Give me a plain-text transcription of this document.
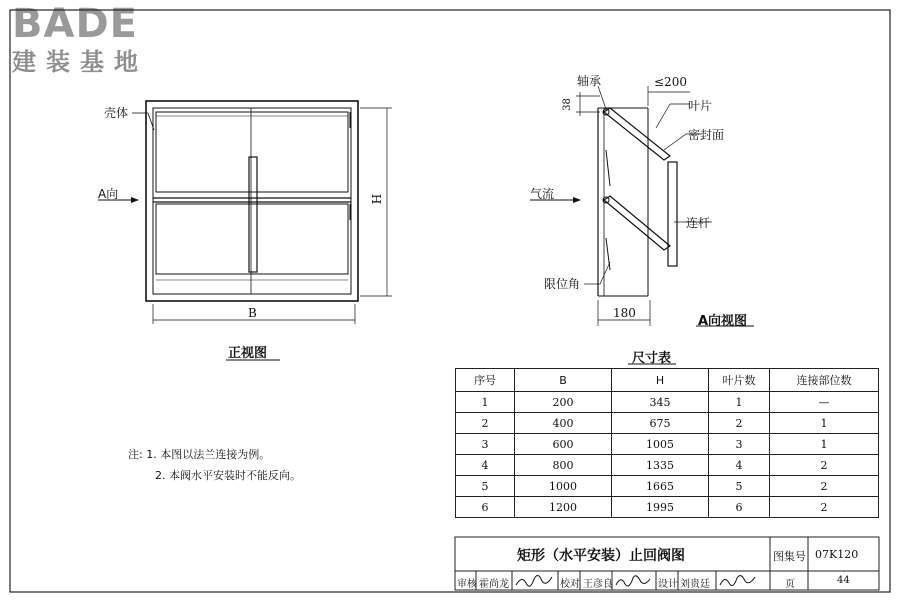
BADE
建装基地
壳体
A向
B
H
正视图
轴承	≤200
38	叶片
密封面
气流
连杆
限位角
180
A向视图
尺寸表
序号	B	H	叶片数	连接部位数
1	200	345	1	—
2	400	675	2	1
3	600	1005	3	1
4	800	1335	4	2
5	1000	1665	5	2
6	1200	1995	6	2
注: 1. 本图以法兰连接为例。
2. 本阀水平安装时不能反向。
矩形（水平安装）止回阀图	图集号 07K120
审核 霍尚龙	校对 王彦良	设计 刘贵廷	页	44
